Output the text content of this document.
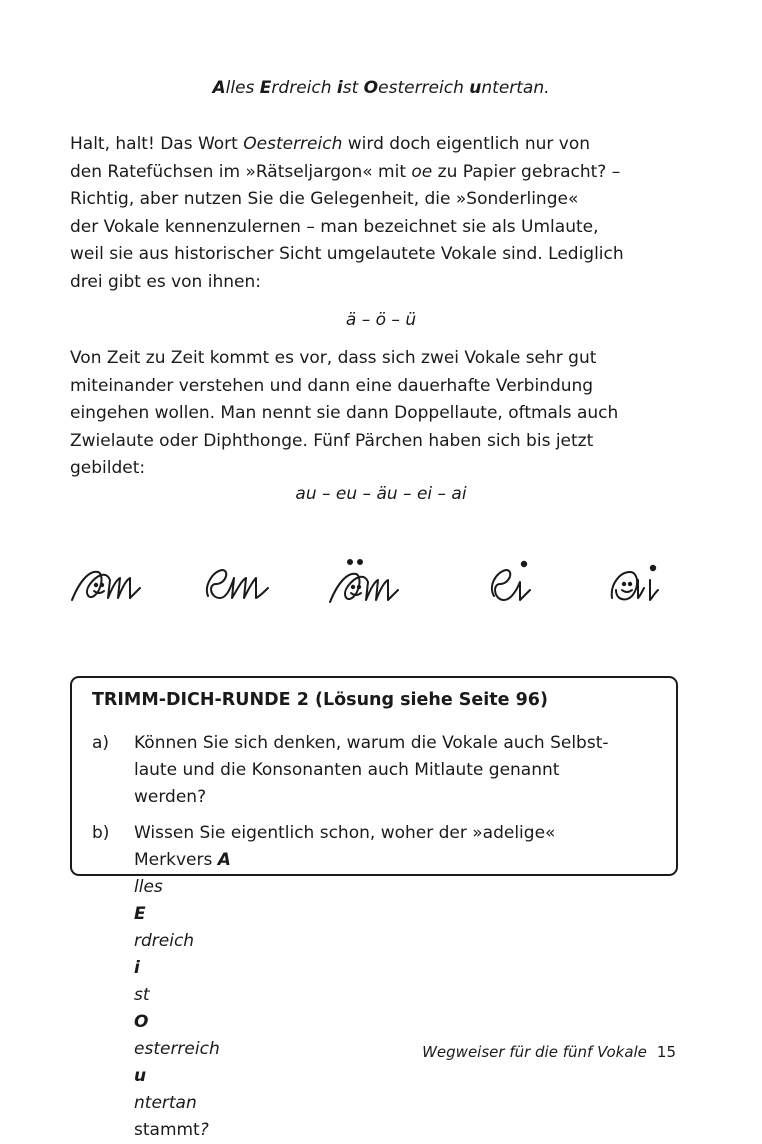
Alles Erdreich ist Oesterreich untertan.
Halt, halt! Das Wort Oesterreich wird doch eigentlich nur von
den Ratefüchsen im »Rätseljargon« mit oe zu Papier gebracht? –
Richtig, aber nutzen Sie die Gelegenheit, die »Sonderlinge«
der Vokale kennenzulernen – man bezeichnet sie als Umlaute,
weil sie aus historischer Sicht umgelautete Vokale sind. Lediglich
drei gibt es von ihnen:
ä – ö – ü
Von Zeit zu Zeit kommt es vor, dass sich zwei Vokale sehr gut
miteinander verstehen und dann eine dauerhafte Verbindung
eingehen wollen. Man nennt sie dann Doppellaute, oftmals auch
Zwielaute oder Diphthonge. Fünf Pärchen haben sich bis jetzt
gebildet:
au – eu – äu – ei – ai
TRIMM-DICH-RUNDE 2 (Lösung siehe Seite 96)
a) Können Sie sich denken, warum die Vokale auch Selbst-
laute und die Konsonanten auch Mitlaute genannt
werden?
b) Wissen Sie eigentlich schon, woher der »adelige«
Merkvers A
lles
E
rdreich
i
st
O
esterreich
u
ntertan
stammt?
Wegweiser für die fünf Vokale 15
